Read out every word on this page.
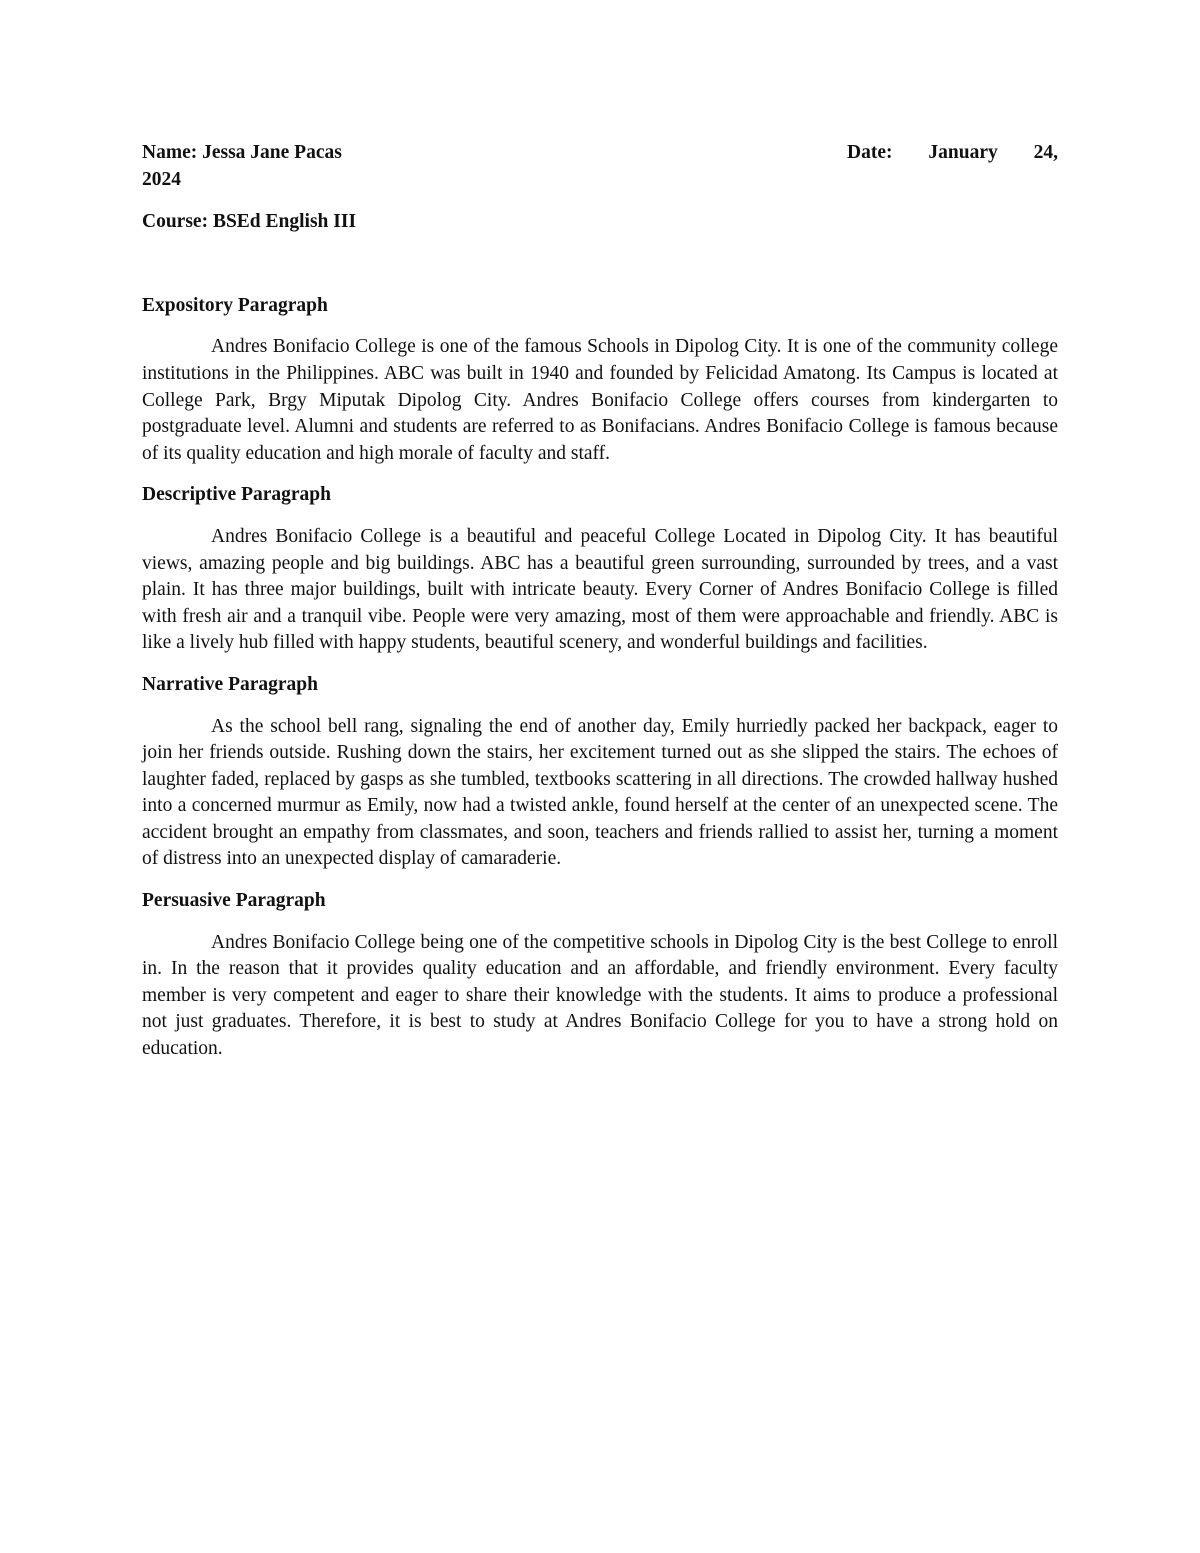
Name: Jessa Jane Pacas	Date: January 24,
2024
Course: BSEd English III

Expository Paragraph

Andres Bonifacio College is one of the famous Schools in Dipolog City. It is one of the community college institutions in the Philippines. ABC was built in 1940 and founded by Felicidad Amatong. Its Campus is located at College Park, Brgy Miputak Dipolog City. Andres Bonifacio College offers courses from kindergarten to postgraduate level. Alumni and students are referred to as Bonifacians. Andres Bonifacio College is famous because of its quality education and high morale of faculty and staff.

Descriptive Paragraph

Andres Bonifacio College is a beautiful and peaceful College Located in Dipolog City. It has beautiful views, amazing people and big buildings. ABC has a beautiful green surrounding, surrounded by trees, and a vast plain. It has three major buildings, built with intricate beauty. Every Corner of Andres Bonifacio College is filled with fresh air and a tranquil vibe. People were very amazing, most of them were approachable and friendly. ABC is like a lively hub filled with happy students, beautiful scenery, and wonderful buildings and facilities.

Narrative Paragraph

As the school bell rang, signaling the end of another day, Emily hurriedly packed her backpack, eager to join her friends outside. Rushing down the stairs, her excitement turned out as she slipped the stairs. The echoes of laughter faded, replaced by gasps as she tumbled, textbooks scattering in all directions. The crowded hallway hushed into a concerned murmur as Emily, now had a twisted ankle, found herself at the center of an unexpected scene. The accident brought an empathy from classmates, and soon, teachers and friends rallied to assist her, turning a moment of distress into an unexpected display of camaraderie.

Persuasive Paragraph

Andres Bonifacio College being one of the competitive schools in Dipolog City is the best College to enroll in. In the reason that it provides quality education and an affordable, and friendly environment. Every faculty member is very competent and eager to share their knowledge with the students. It aims to produce a professional not just graduates. Therefore, it is best to study at Andres Bonifacio College for you to have a strong hold on education.
